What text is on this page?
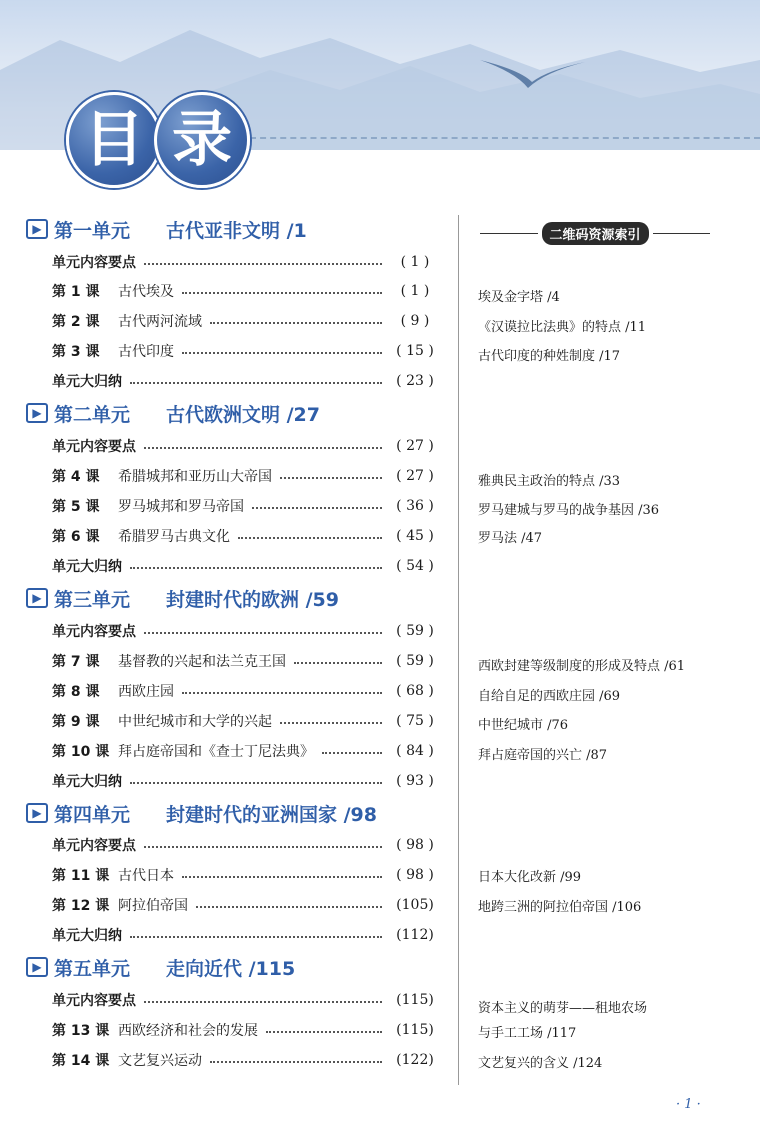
目 录
▶ 第一单元	古代亚非文明 /1
单元内容要点	( 1 )
第 1 课	古代埃及	( 1 )
第 2 课	古代两河流域	( 9 )
第 3 课	古代印度	( 15 )
单元大归纳	( 23 )
▶ 第二单元	古代欧洲文明 /27
单元内容要点	( 27 )
第 4 课	希腊城邦和亚历山大帝国	( 27 )
第 5 课	罗马城邦和罗马帝国	( 36 )
第 6 课	希腊罗马古典文化	( 45 )
单元大归纳	( 54 )
▶ 第三单元	封建时代的欧洲 /59
单元内容要点	( 59 )
第 7 课	基督教的兴起和法兰克王国	( 59 )
第 8 课	西欧庄园	( 68 )
第 9 课	中世纪城市和大学的兴起	( 75 )
第 10 课 拜占庭帝国和《查士丁尼法典》	( 84 )
单元大归纳	( 93 )
▶ 第四单元	封建时代的亚洲国家 /98
单元内容要点	( 98 )
第 11 课 古代日本	( 98 )
第 12 课 阿拉伯帝国	(105)
单元大归纳	(112)
▶ 第五单元	走向近代 /115
单元内容要点	(115)
第 13 课 西欧经济和社会的发展	(115)
第 14 课 文艺复兴运动	(122)
二维码资源索引
埃及金字塔 /4
《汉谟拉比法典》的特点 /11
古代印度的种姓制度 /17
雅典民主政治的特点 /33
罗马建城与罗马的战争基因 /36
罗马法 /47
西欧封建等级制度的形成及特点 /61
自给自足的西欧庄园 /69
中世纪城市 /76
拜占庭帝国的兴亡 /87
日本大化改新 /99
地跨三洲的阿拉伯帝国 /106
资本主义的萌芽——租地农场
与手工工场 /117
文艺复兴的含义 /124
· 1 ·
